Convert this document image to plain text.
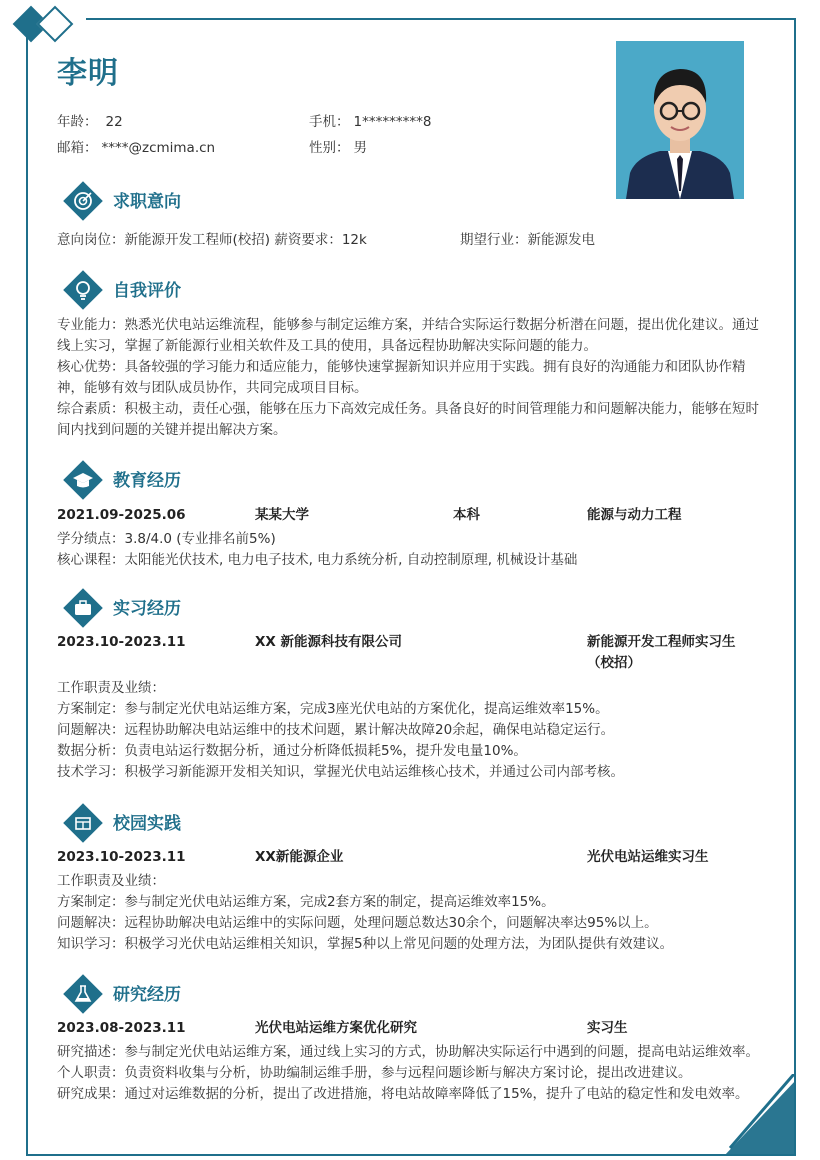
李明
年龄： 22	手机： 1*********8
邮箱： ****@zcmima.cn	性别： 男
求职意向
意向岗位：新能源开发工程师(校招) 薪资要求：12k	期望行业：新能源发电
自我评价

专业能力：熟悉光伏电站运维流程，能够参与制定运维方案，并结合实际运行数据分析潜在问题，提出优化建议。通过线上实习，掌握了新能源行业相关软件及工具的使用，具备远程协助解决实际问题的能力。

核心优势：具备较强的学习能力和适应能力，能够快速掌握新知识并应用于实践。拥有良好的沟通能力和团队协作精神，能够有效与团队成员协作，共同完成项目目标。

综合素质：积极主动，责任心强，能够在压力下高效完成任务。具备良好的时间管理能力和问题解决能力，能够在短时间内找到问题的关键并提出解决方案。

教育经历
2021.09-2025.06	某某大学	本科	能源与动力工程

学分绩点：3.8/4.0 (专业排名前5%)

核心课程：太阳能光伏技术, 电力电子技术, 电力系统分析, 自动控制原理, 机械设计基础

实习经历
2023.10-2023.11	XX 新能源科技有限公司	新能源开发工程师实习生（校招）

工作职责及业绩：

方案制定：参与制定光伏电站运维方案，完成3座光伏电站的方案优化，提高运维效率15%。

问题解决：远程协助解决电站运维中的技术问题，累计解决故障20余起，确保电站稳定运行。

数据分析：负责电站运行数据分析，通过分析降低损耗5%，提升发电量10%。

技术学习：积极学习新能源开发相关知识，掌握光伏电站运维核心技术，并通过公司内部考核。

校园实践
2023.10-2023.11	XX新能源企业	光伏电站运维实习生

工作职责及业绩：

方案制定：参与制定光伏电站运维方案，完成2套方案的制定，提高运维效率15%。

问题解决：远程协助解决电站运维中的实际问题，处理问题总数达30余个，问题解决率达95%以上。

知识学习：积极学习光伏电站运维相关知识，掌握5种以上常见问题的处理方法，为团队提供有效建议。

研究经历
2023.08-2023.11	光伏电站运维方案优化研究	实习生

研究描述：参与制定光伏电站运维方案，通过线上实习的方式，协助解决实际运行中遇到的问题，提高电站运维效率。

个人职责：负责资料收集与分析，协助编制运维手册，参与远程问题诊断与解决方案讨论，提出改进建议。

研究成果：通过对运维数据的分析，提出了改进措施，将电站故障率降低了15%，提升了电站的稳定性和发电效率。
